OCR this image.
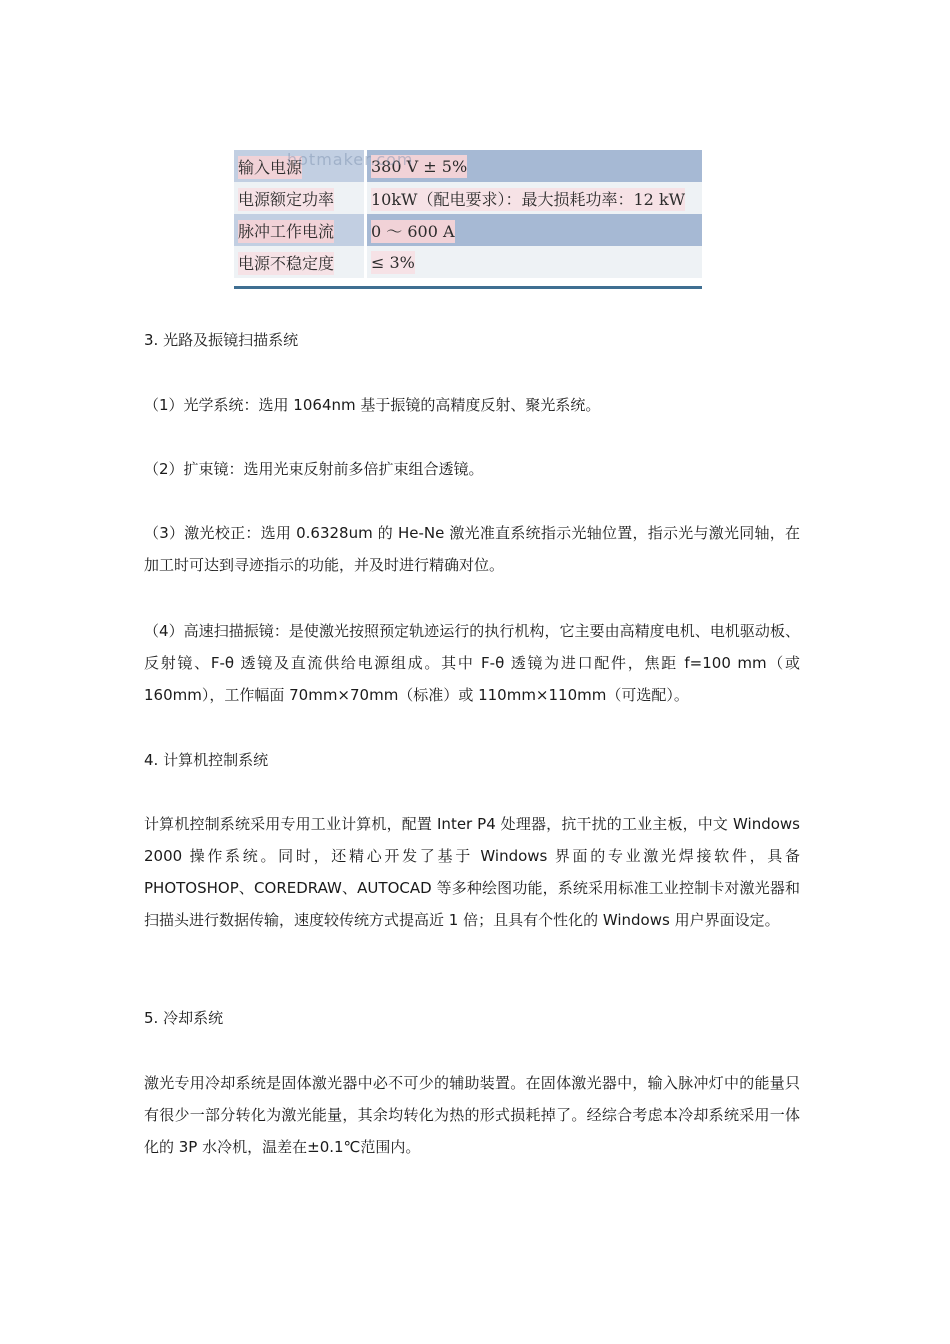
输入电源	380 V ± 5%
电源额定功率	10kW（配电要求）：最大损耗功率：12 kW
脉冲工作电流	0 ～ 600 A
电源不稳定度	≤ 3%
hotmaker.com

3. 光路及振镜扫描系统

（1）光学系统：选用 1064nm 基于振镜的高精度反射、聚光系统。

（2）扩束镜：选用光束反射前多倍扩束组合透镜。

（3）激光校正：选用 0.6328um 的 He-Ne 激光准直系统指示光轴位置，指示光与激光同轴，在加工时可达到寻迹指示的功能，并及时进行精确对位。

（4）高速扫描振镜：是使激光按照预定轨迹运行的执行机构，它主要由高精度电机、电机驱动板、反射镜、F-θ 透镜及直流供给电源组成。其中 F-θ 透镜为进口配件，焦距 f=100 mm（或 160mm），工作幅面 70mm×70mm（标准）或 110mm×110mm（可选配）。

4. 计算机控制系统

计算机控制系统采用专用工业计算机，配置 Inter P4 处理器，抗干扰的工业主板，中文 Windows 2000 操作系统。同时，还精心开发了基于 Windows 界面的专业激光焊接软件，具备 PHOTOSHOP、COREDRAW、AUTOCAD 等多种绘图功能，系统采用标准工业控制卡对激光器和扫描头进行数据传输，速度较传统方式提高近 1 倍；且具有个性化的 Windows 用户界面设定。

5. 冷却系统

激光专用冷却系统是固体激光器中必不可少的辅助装置。在固体激光器中，输入脉冲灯中的能量只有很少一部分转化为激光能量，其余均转化为热的形式损耗掉了。经综合考虑本冷却系统采用一体化的 3P 水冷机，温差在±0.1℃范围内。
